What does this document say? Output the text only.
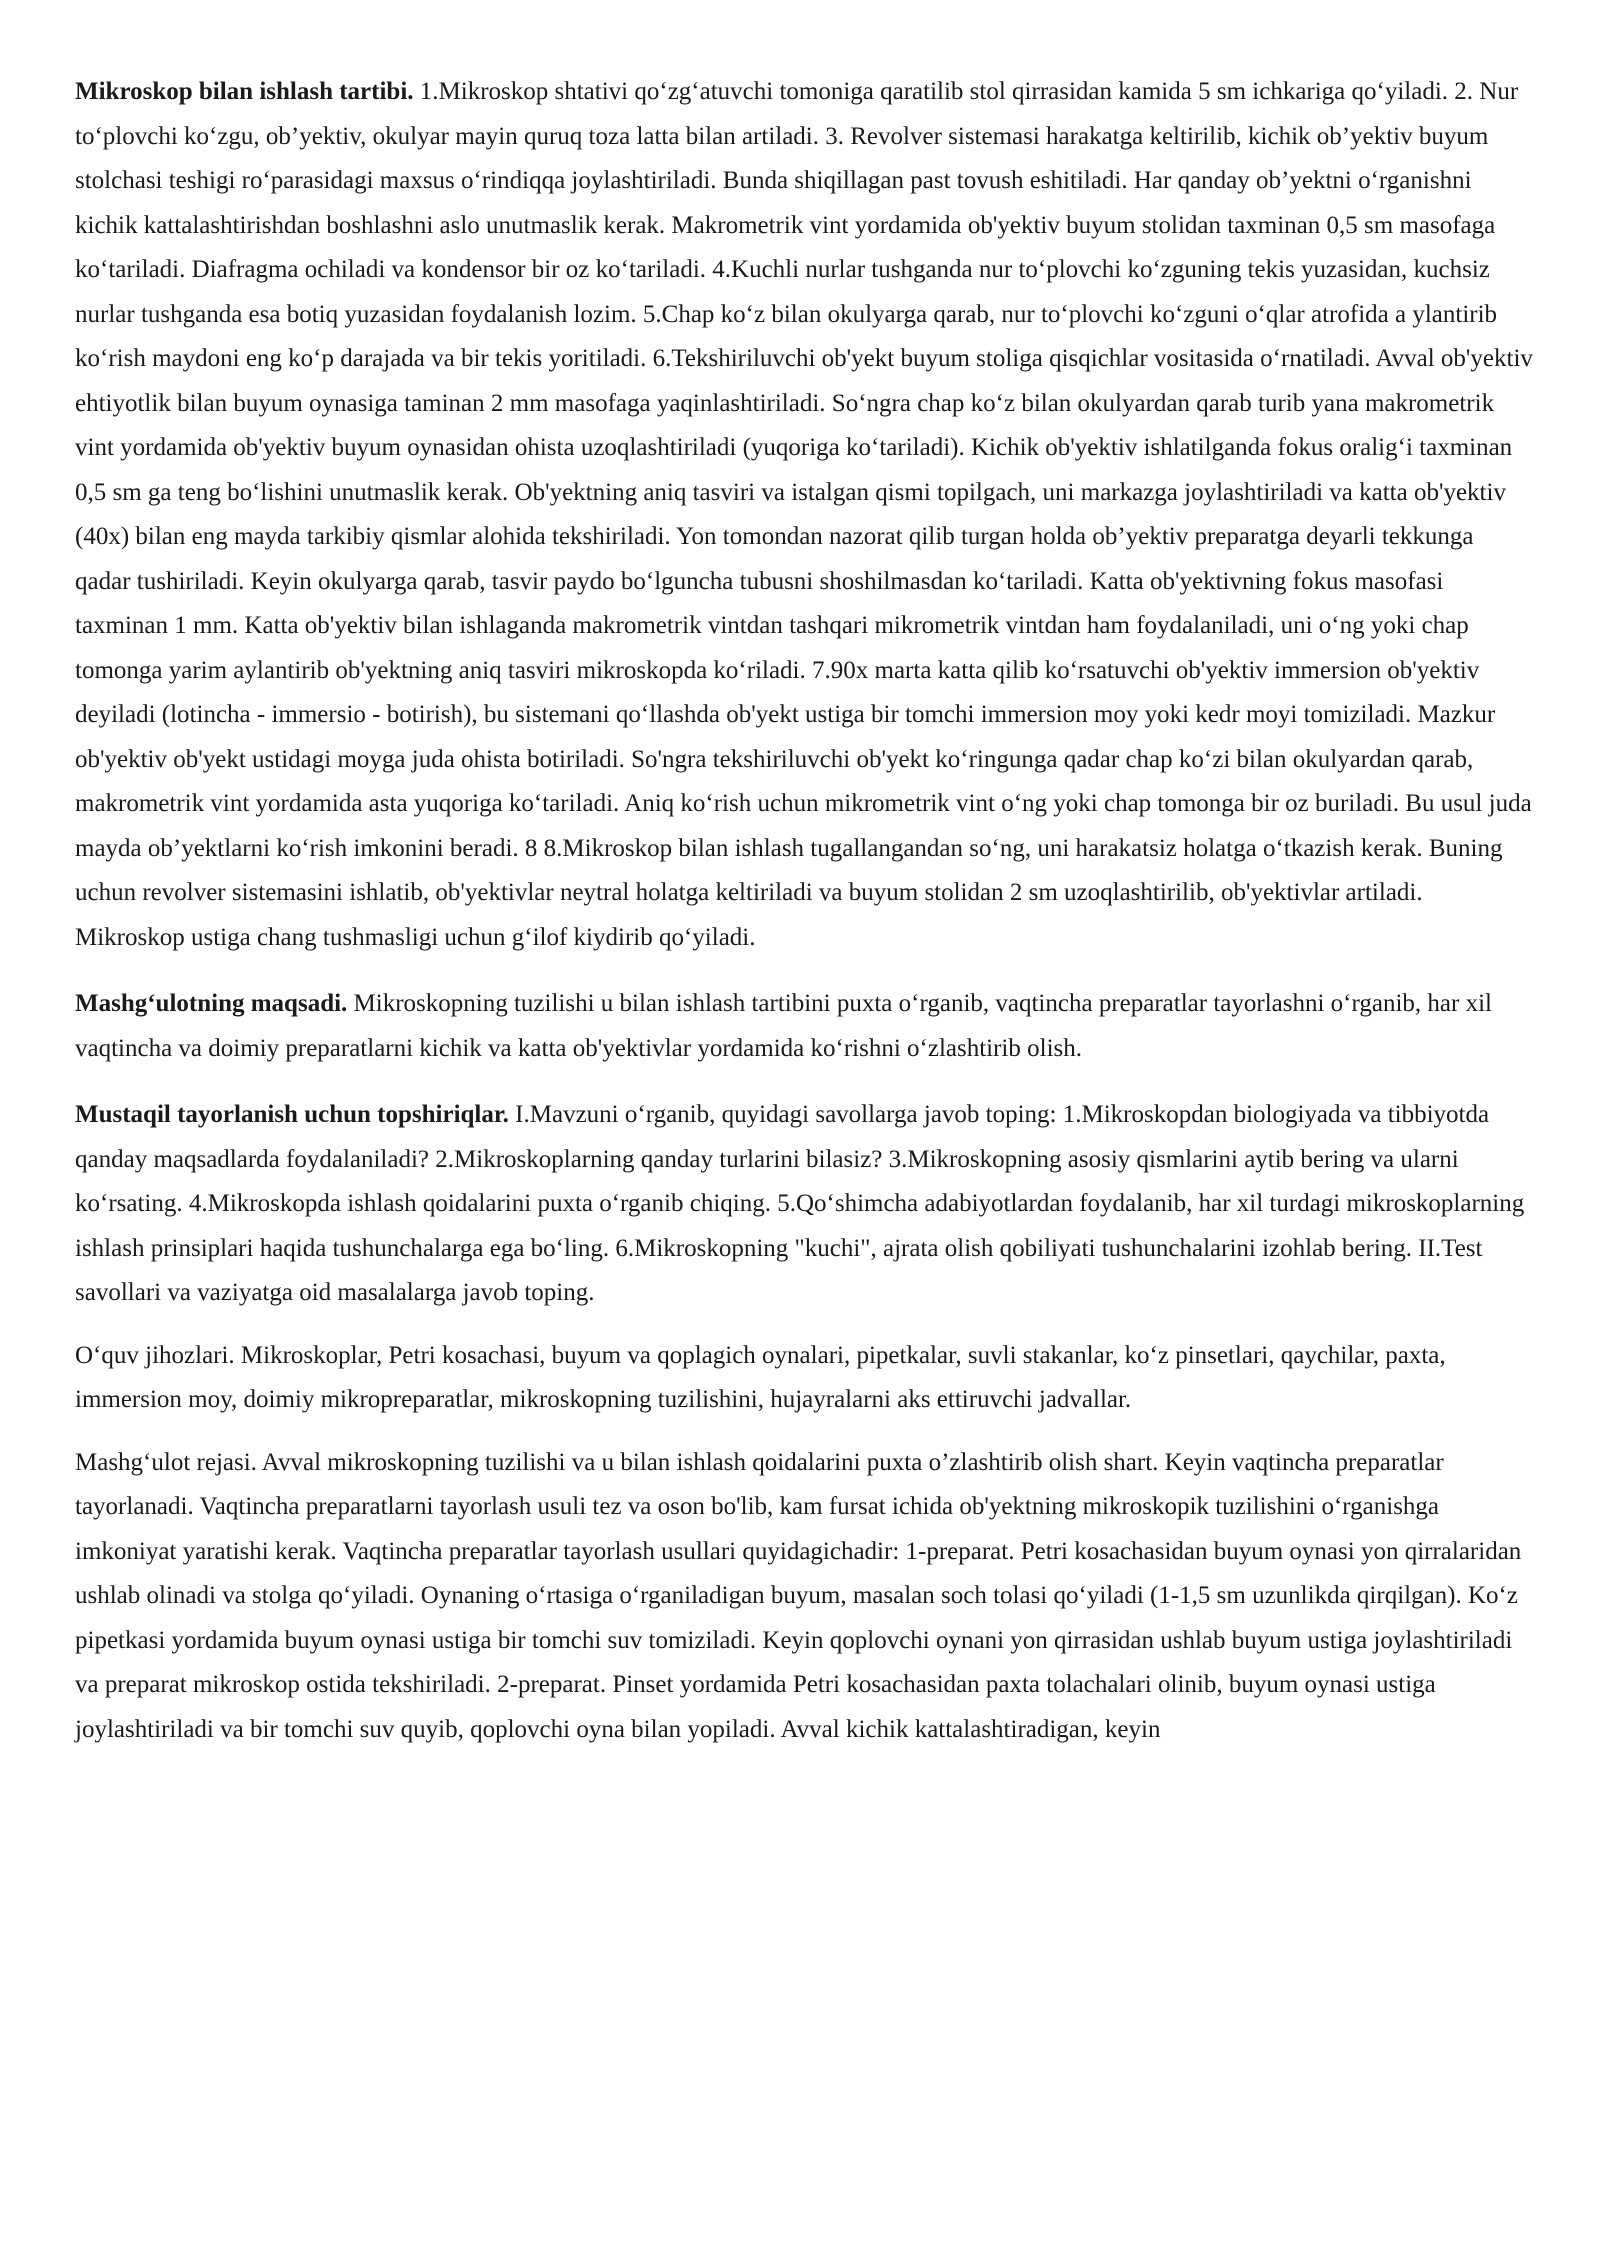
Mikroskop bilan ishlash tartibi. 1.Mikroskop shtativi qo‘zg‘atuvchi tomoniga qaratilib stol qirrasidan kamida 5 sm ichkariga qo‘yiladi. 2. Nur to‘plovchi ko‘zgu, ob’yektiv, okulyar mayin quruq toza latta bilan artiladi. 3. Revolver sistemasi harakatga keltirilib, kichik ob’yektiv buyum stolchasi teshigi ro‘parasidagi maxsus o‘rindiqqa joylashtiriladi. Bunda shiqillagan past tovush eshitiladi. Har qanday ob’yektni o‘rganishni kichik kattalashtirishdan boshlashni aslo unutmaslik kerak. Makrometrik vint yordamida ob'yektiv buyum stolidan taxminan 0,5 sm masofaga ko‘tariladi. Diafragma ochiladi va kondensor bir oz ko‘tariladi. 4.Kuchli nurlar tushganda nur to‘plovchi ko‘zguning tekis yuzasidan, kuchsiz nurlar tushganda esa botiq yuzasidan foydalanish lozim. 5.Chap ko‘z bilan okulyarga qarab, nur to‘plovchi ko‘zguni o‘qlar atrofida a ylantirib ko‘rish maydoni eng ko‘p darajada va bir tekis yoritiladi. 6.Tekshiriluvchi ob'yekt buyum stoliga qisqichlar vositasida o‘rnatiladi. Avval ob'yektiv ehtiyotlik bilan buyum oynasiga taminan 2 mm masofaga yaqinlashtiriladi. So‘ngra chap ko‘z bilan okulyardan qarab turib yana makrometrik vint yordamida ob'yektiv buyum oynasidan ohista uzoqlashtiriladi (yuqoriga ko‘tariladi). Kichik ob'yektiv ishlatilganda fokus oralig‘i taxminan 0,5 sm ga teng bo‘lishini unutmaslik kerak. Ob'yektning aniq tasviri va istalgan qismi topilgach, uni markazga joylashtiriladi va katta ob'yektiv (40x) bilan eng mayda tarkibiy qismlar alohida tekshiriladi. Yon tomondan nazorat qilib turgan holda ob’yektiv preparatga deyarli tekkunga qadar tushiriladi. Keyin okulyarga qarab, tasvir paydo bo‘lguncha tubusni shoshilmasdan ko‘tariladi. Katta ob'yektivning fokus masofasi taxminan 1 mm. Katta ob'yektiv bilan ishlaganda makrometrik vintdan tashqari mikrometrik vintdan ham foydalaniladi, uni o‘ng yoki chap tomonga yarim aylantirib ob'yektning aniq tasviri mikroskopda ko‘riladi. 7.90x marta katta qilib ko‘rsatuvchi ob'yektiv immersion ob'yektiv deyiladi (lotincha - immersio - botirish), bu sistemani qo‘llashda ob'yekt ustiga bir tomchi immersion moy yoki kedr moyi tomiziladi. Mazkur ob'yektiv ob'yekt ustidagi moyga juda ohista botiriladi. So'ngra tekshiriluvchi ob'yekt ko‘ringunga qadar chap ko‘zi bilan okulyardan qarab, makrometrik vint yordamida asta yuqoriga ko‘tariladi. Aniq ko‘rish uchun mikrometrik vint o‘ng yoki chap tomonga bir oz buriladi. Bu usul juda mayda ob’yektlarni ko‘rish imkonini beradi. 8 8.Mikroskop bilan ishlash tugallangandan so‘ng, uni harakatsiz holatga o‘tkazish kerak. Buning uchun revolver sistemasini ishlatib, ob'yektivlar neytral holatga keltiriladi va buyum stolidan 2 sm uzoqlashtirilib, ob'yektivlar artiladi. Mikroskop ustiga chang tushmasligi uchun g‘ilof kiydirib qo‘yiladi.

Mashg‘ulotning maqsadi. Mikroskopning tuzilishi u bilan ishlash tartibini puxta o‘rganib, vaqtincha preparatlar tayorlashni o‘rganib, har xil vaqtincha va doimiy preparatlarni kichik va katta ob'yektivlar yordamida ko‘rishni o‘zlashtirib olish.

Mustaqil tayorlanish uchun topshiriqlar. I.Mavzuni o‘rganib, quyidagi savollarga javob toping: 1.Mikroskopdan biologiyada va tibbiyotda qanday maqsadlarda foydalaniladi? 2.Mikroskoplarning qanday turlarini bilasiz? 3.Mikroskopning asosiy qismlarini aytib bering va ularni ko‘rsating. 4.Mikroskopda ishlash qoidalarini puxta o‘rganib chiqing. 5.Qo‘shimcha adabiyotlardan foydalanib, har xil turdagi mikroskoplarning ishlash prinsiplari haqida tushunchalarga ega bo‘ling. 6.Mikroskopning "kuchi", ajrata olish qobiliyati tushunchalarini izohlab bering. II.Test savollari va vaziyatga oid masalalarga javob toping.

O‘quv jihozlari. Mikroskoplar, Petri kosachasi, buyum va qoplagich oynalari, pipetkalar, suvli stakanlar, ko‘z pinsetlari, qaychilar, paxta, immersion moy, doimiy mikropreparatlar, mikroskopning tuzilishini, hujayralarni aks ettiruvchi jadvallar.

Mashg‘ulot rejasi. Avval mikroskopning tuzilishi va u bilan ishlash qoidalarini puxta o’zlashtirib olish shart. Keyin vaqtincha preparatlar tayorlanadi. Vaqtincha preparatlarni tayorlash usuli tez va oson bo'lib, kam fursat ichida ob'yektning mikroskopik tuzilishini o‘rganishga imkoniyat yaratishi kerak. Vaqtincha preparatlar tayorlash usullari quyidagichadir: 1-preparat. Petri kosachasidan buyum oynasi yon qirralaridan ushlab olinadi va stolga qo‘yiladi. Oynaning o‘rtasiga o‘rganiladigan buyum, masalan soch tolasi qo‘yiladi (1-1,5 sm uzunlikda qirqilgan). Ko‘z pipetkasi yordamida buyum oynasi ustiga bir tomchi suv tomiziladi. Keyin qoplovchi oynani yon qirrasidan ushlab buyum ustiga joylashtiriladi va preparat mikroskop ostida tekshiriladi. 2-preparat. Pinset yordamida Petri kosachasidan paxta tolachalari olinib, buyum oynasi ustiga joylashtiriladi va bir tomchi suv quyib, qoplovchi oyna bilan yopiladi. Avval kichik kattalashtiradigan, keyin
